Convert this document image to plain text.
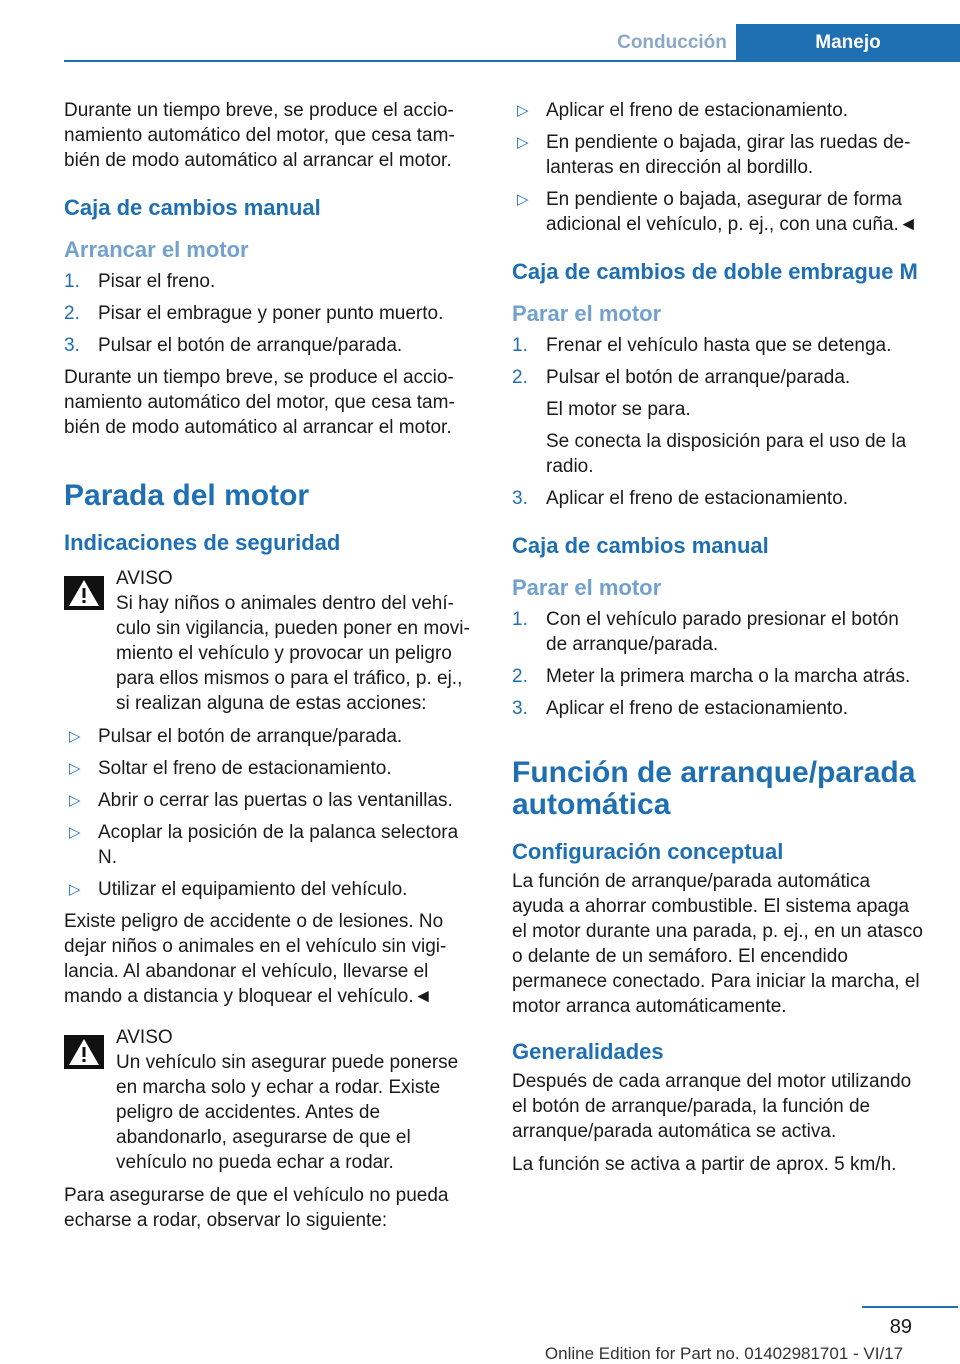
Conducción	Manejo

Durante un tiempo breve, se produce el accionamiento automático del motor, que cesa también de modo automático al arrancar el motor.

Caja de cambios manual
Arrancar el motor
1. Pisar el freno.
2. Pisar el embrague y poner punto muerto.
3. Pulsar el botón de arranque/parada.

Durante un tiempo breve, se produce el accionamiento automático del motor, que cesa también de modo automático al arrancar el motor.

Parada del motor
Indicaciones de seguridad
AVISO

Si hay niños o animales dentro del vehículo sin vigilancia, pueden poner en movimiento el vehículo y provocar un peligro para ellos mismos o para el tráfico, p. ej., si realizan alguna de estas acciones:

▷ Pulsar el botón de arranque/parada.
▷ Soltar el freno de estacionamiento.
▷ Abrir o cerrar las puertas o las ventanillas.
▷ Acoplar la posición de la palanca selectora N.
▷ Utilizar el equipamiento del vehículo.

Existe peligro de accidente o de lesiones. No dejar niños o animales en el vehículo sin vigilancia. Al abandonar el vehículo, llevarse el mando a distancia y bloquear el vehículo.◄

AVISO

Un vehículo sin asegurar puede ponerse en marcha solo y echar a rodar. Existe peligro de accidentes. Antes de abandonarlo, asegurarse de que el vehículo no pueda echar a rodar.

Para asegurarse de que el vehículo no pueda echarse a rodar, observar lo siguiente:

▷ Aplicar el freno de estacionamiento.
▷ En pendiente o bajada, girar las ruedas delanteras en dirección al bordillo.
▷ En pendiente o bajada, asegurar de forma adicional el vehículo, p. ej., con una cuña.◄
Caja de cambios de doble embrague M
Parar el motor
1. Frenar el vehículo hasta que se detenga.
2. Pulsar el botón de arranque/parada.

El motor se para.

Se conecta la disposición para el uso de la radio.

3. Aplicar el freno de estacionamiento.
Caja de cambios manual
Parar el motor
1. Con el vehículo parado presionar el botón de arranque/parada.
2. Meter la primera marcha o la marcha atrás.
3. Aplicar el freno de estacionamiento.
Función de arranque/parada automática
Configuración conceptual

La función de arranque/parada automática ayuda a ahorrar combustible. El sistema apaga el motor durante una parada, p. ej., en un atasco o delante de un semáforo. El encendido permanece conectado. Para iniciar la marcha, el motor arranca automáticamente.

Generalidades

Después de cada arranque del motor utilizando el botón de arranque/parada, la función de arranque/parada automática se activa.

La función se activa a partir de aprox. 5 km/h.

89
Online Edition for Part no. 01402981701 - VI/17
